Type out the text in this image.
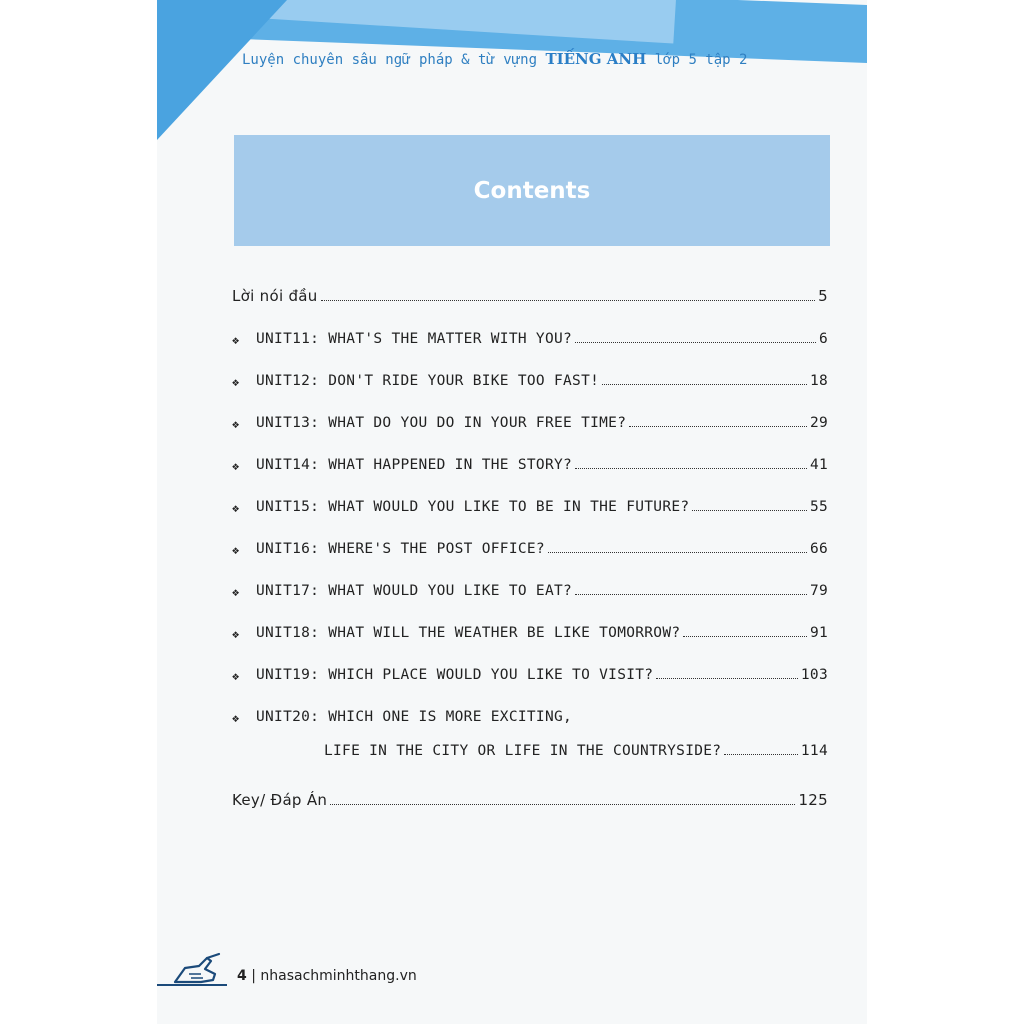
Luyện chuyên sâu ngữ pháp & từ vựng TIẾNG ANH lớp 5 tập 2
Contents
Lời nói đầu	5
❖	UNIT11: WHAT'S THE MATTER WITH YOU?	6
❖	UNIT12: DON'T RIDE YOUR BIKE TOO FAST!	18
❖	UNIT13: WHAT DO YOU DO IN YOUR FREE TIME?	29
❖	UNIT14: WHAT HAPPENED IN THE STORY?	41
❖	UNIT15: WHAT WOULD YOU LIKE TO BE IN THE FUTURE?	55
❖	UNIT16: WHERE'S THE POST OFFICE?	66
❖	UNIT17: WHAT WOULD YOU LIKE TO EAT?	79
❖	UNIT18: WHAT WILL THE WEATHER BE LIKE TOMORROW?	91
❖	UNIT19: WHICH PLACE WOULD YOU LIKE TO VISIT?	103
❖	UNIT20: WHICH ONE IS MORE EXCITING,
LIFE IN THE CITY OR LIFE IN THE COUNTRYSIDE?	114
Key/ Đáp Án	125
4 | nhasachminhthang.vn
